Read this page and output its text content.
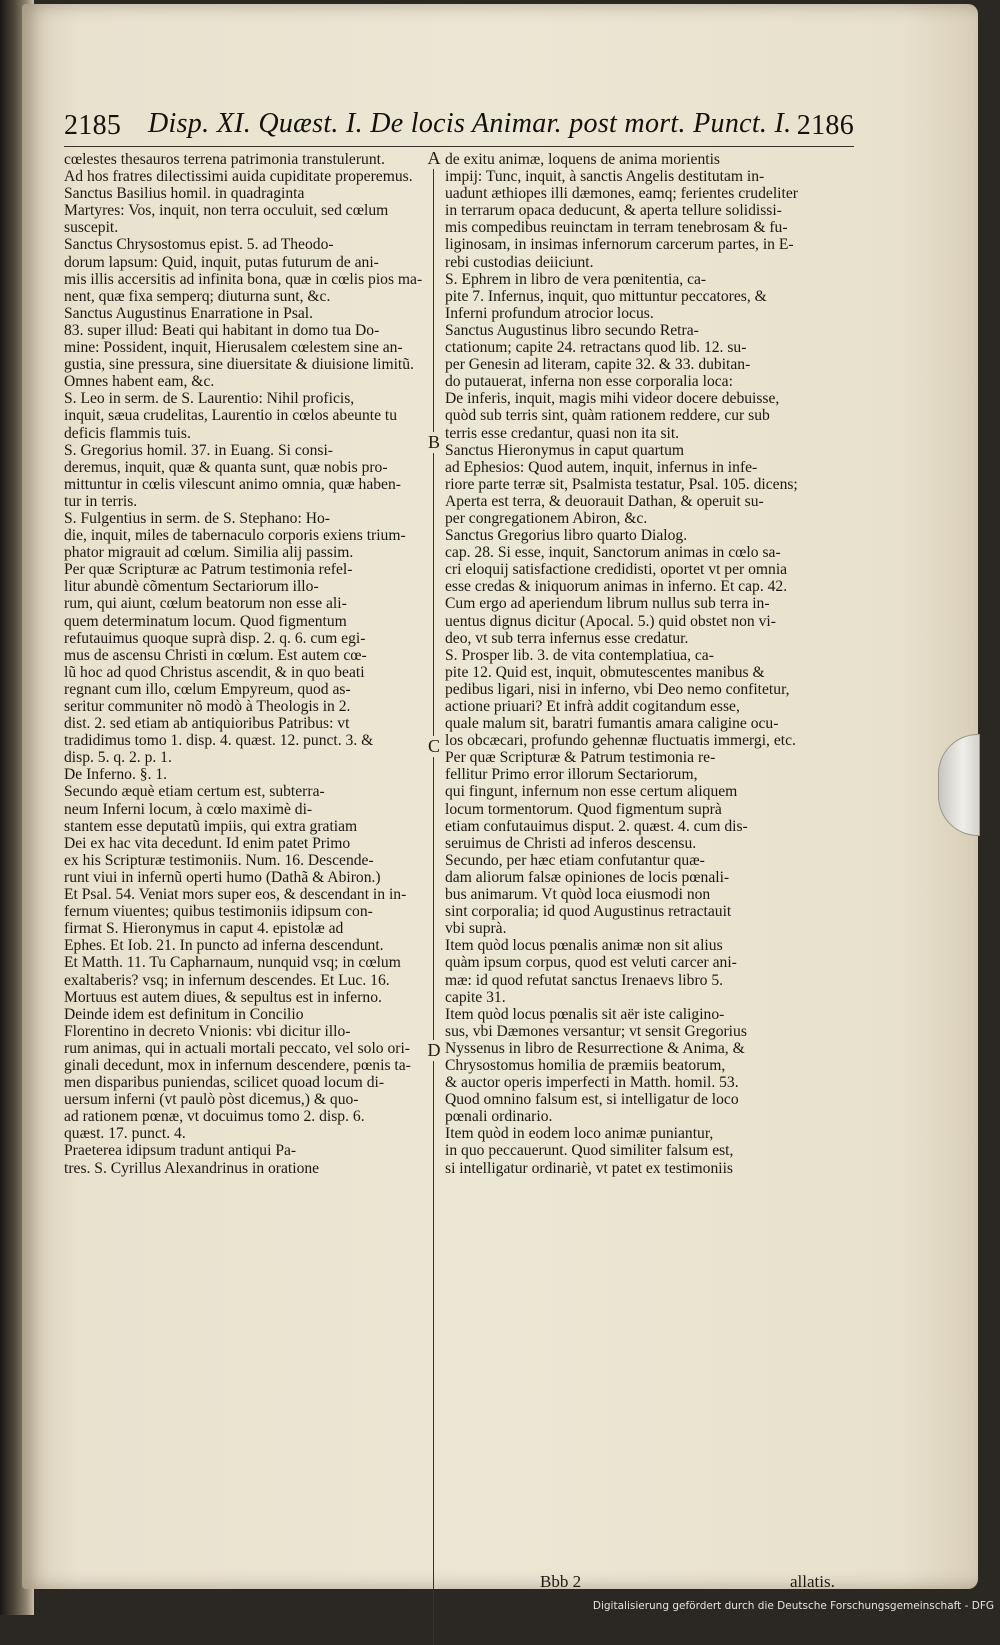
2185 Disp. XI. Quæst. I. De locis Animar. post mort. Punct. I. 2186
cœlestes thesauros terrena patrimonia transtulerunt.
Ad hos fratres dilectissimi auida cupiditate properemus.
Sanctus Basilius homil. in quadraginta
Martyres: Vos, inquit, non terra occuluit, sed cœlum
suscepit.
Sanctus Chrysostomus epist. 5. ad Theodo-
dorum lapsum: Quid, inquit, putas futurum de ani-
mis illis accersitis ad infinita bona, quæ in cœlis pios ma-
nent, quæ fixa semperq; diuturna sunt, &c.
Sanctus Augustinus Enarratione in Psal.
83. super illud: Beati qui habitant in domo tua Do-
mine: Possident, inquit, Hierusalem cœlestem sine an-
gustia, sine pressura, sine diuersitate & diuisione limitũ.
Omnes habent eam, &c.
S. Leo in serm. de S. Laurentio: Nihil proficis,
inquit, sæua crudelitas, Laurentio in cœlos abeunte tu
deficis flammis tuis.
S. Gregorius homil. 37. in Euang. Si consi-
deremus, inquit, quæ & quanta sunt, quæ nobis pro-
mittuntur in cœlis vilescunt animo omnia, quæ haben-
tur in terris.
S. Fulgentius in serm. de S. Stephano: Ho-
die, inquit, miles de tabernaculo corporis exiens trium-
phator migrauit ad cœlum. Similia alij passim.
Per quæ Scripturæ ac Patrum testimonia refel-
litur abundè cõmentum Sectariorum illo-
rum, qui aiunt, cœlum beatorum non esse ali-
quem determinatum locum. Quod figmentum
refutauimus quoque suprà disp. 2. q. 6. cum egi-
mus de ascensu Christi in cœlum. Est autem cœ-
lũ hoc ad quod Christus ascendit, & in quo beati
regnant cum illo, cœlum Empyreum, quod as-
seritur communiter nõ modò à Theologis in 2.
dist. 2. sed etiam ab antiquioribus Patribus: vt
tradidimus tomo 1. disp. 4. quæst. 12. punct. 3. &
disp. 5. q. 2. p. 1.
De Inferno. §. 1.
Secundo æquè etiam certum est, subterra-
neum Inferni locum, à cœlo maximè di-
stantem esse deputatũ impiis, qui extra gratiam
Dei ex hac vita decedunt. Id enim patet Primo
ex his Scripturæ testimoniis. Num. 16. Descende-
runt viui in infernũ operti humo (Dathã & Abiron.)
Et Psal. 54. Veniat mors super eos, & descendant in in-
fernum viuentes; quibus testimoniis idipsum con-
firmat S. Hieronymus in caput 4. epistolæ ad
Ephes. Et Iob. 21. In puncto ad inferna descendunt.
Et Matth. 11. Tu Capharnaum, nunquid vsq; in cœlum
exaltaberis? vsq; in infernum descendes. Et Luc. 16.
Mortuus est autem diues, & sepultus est in inferno.
Deinde idem est definitum in Concilio
Florentino in decreto Vnionis: vbi dicitur illo-
rum animas, qui in actuali mortali peccato, vel solo ori-
ginali decedunt, mox in infernum descendere, pœnis ta-
men disparibus puniendas, scilicet quoad locum di-
uersum inferni (vt paulò pòst dicemus,) & quo-
ad rationem pœnæ, vt docuimus tomo 2. disp. 6.
quæst. 17. punct. 4.
Praeterea idipsum tradunt antiqui Pa-
tres. S. Cyrillus Alexandrinus in oratione
de exitu animæ, loquens de anima morientis
impij: Tunc, inquit, à sanctis Angelis destitutam in-
uadunt æthiopes illi dæmones, eamq; ferientes crudeliter
in terrarum opaca deducunt, & aperta tellure solidissi-
mis compedibus reuinctam in terram tenebrosam & fu-
liginosam, in insimas infernorum carcerum partes, in E-
rebi custodias deiiciunt.
S. Ephrem in libro de vera pœnitentia, ca-
pite 7. Infernus, inquit, quo mittuntur peccatores, &
Inferni profundum atrocior locus.
Sanctus Augustinus libro secundo Retra-
ctationum; capite 24. retractans quod lib. 12. su-
per Genesin ad literam, capite 32. & 33. dubitan-
do putauerat, inferna non esse corporalia loca:
De inferis, inquit, magis mihi videor docere debuisse,
quòd sub terris sint, quàm rationem reddere, cur sub
terris esse credantur, quasi non ita sit.
Sanctus Hieronymus in caput quartum
ad Ephesios: Quod autem, inquit, infernus in infe-
riore parte terræ sit, Psalmista testatur, Psal. 105. dicens;
Aperta est terra, & deuorauit Dathan, & operuit su-
per congregationem Abiron, &c.
Sanctus Gregorius libro quarto Dialog.
cap. 28. Si esse, inquit, Sanctorum animas in cœlo sa-
cri eloquij satisfactione credidisti, oportet vt per omnia
esse credas & iniquorum animas in inferno. Et cap. 42.
Cum ergo ad aperiendum librum nullus sub terra in-
uentus dignus dicitur (Apocal. 5.) quid obstet non vi-
deo, vt sub terra infernus esse credatur.
S. Prosper lib. 3. de vita contemplatiua, ca-
pite 12. Quid est, inquit, obmutescentes manibus &
pedibus ligari, nisi in inferno, vbi Deo nemo confitetur,
actione priuari? Et infrà addit cogitandum esse,
quale malum sit, baratri fumantis amara caligine ocu-
los obcæcari, profundo gehennæ fluctuatis immergi, etc.
Per quæ Scripturæ & Patrum testimonia re-
fellitur Primo error illorum Sectariorum,
qui fingunt, infernum non esse certum aliquem
locum tormentorum. Quod figmentum suprà
etiam confutauimus disput. 2. quæst. 4. cum dis-
seruimus de Christi ad inferos descensu.
Secundo, per hæc etiam confutantur quæ-
dam aliorum falsæ opiniones de locis pœnali-
bus animarum. Vt quòd loca eiusmodi non
sint corporalia; id quod Augustinus retractauit
vbi suprà.
Item quòd locus pœnalis animæ non sit alius
quàm ipsum corpus, quod est veluti carcer ani-
mæ: id quod refutat sanctus Irenaevs libro 5.
capite 31.
Item quòd locus pœnalis sit aër iste caligino-
sus, vbi Dæmones versantur; vt sensit Gregorius
Nyssenus in libro de Resurrectione & Anima, &
Chrysostomus homilia de præmiis beatorum,
& auctor operis imperfecti in Matth. homil. 53.
Quod omnino falsum est, si intelligatur de loco
pœnali ordinario.
Item quòd in eodem loco animæ puniantur,
in quo peccauerunt. Quod similiter falsum est,
si intelligatur ordinariè, vt patet ex testimoniis
A
B
C
D
Bbb 2	allatis.
Digitalisierung gefördert durch die Deutsche Forschungsgemeinschaft - DFG
